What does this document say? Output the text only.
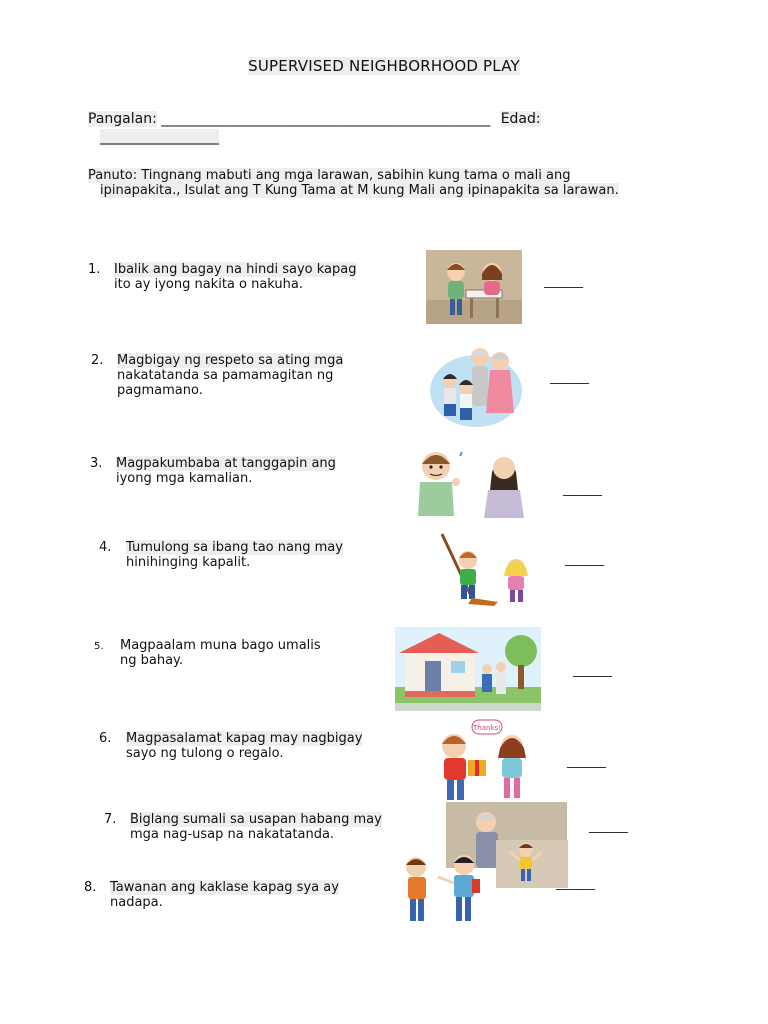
SUPERVISED NEIGHBORHOOD PLAY
Pangalan: _______________________________________________ Edad:
_________________
Panuto: Tingnang mabuti ang mga larawan, sabihin kung tama o mali ang
ipinapakita., Isulat ang T Kung Tama at M kung Mali ang ipinapakita sa larawan.
1. Ibalik ang bagay na hindi sayo kapag
ito ay iyong nakita o nakuha.	_______
2. Magbigay ng respeto sa ating mga
nakatatanda sa pamamagitan ng
pagmamano.
_______
3. Magpakumbaba at tanggapin ang
iyong mga kamalian.
_______
4. Tumulong sa ibang tao nang may
hinihinging kapalit.	_______
5. Magpaalam muna bago umalis
ng bahay.
_______
6. Magpasalamat kapag may nagbigay
sayo ng tulong o regalo.
Thanks!
_______
7. Biglang sumali sa usapan habang may
mga nag-usap na nakatatanda.
_______
8. Tawanan ang kaklase kapag sya ay
nadapa.
_______
